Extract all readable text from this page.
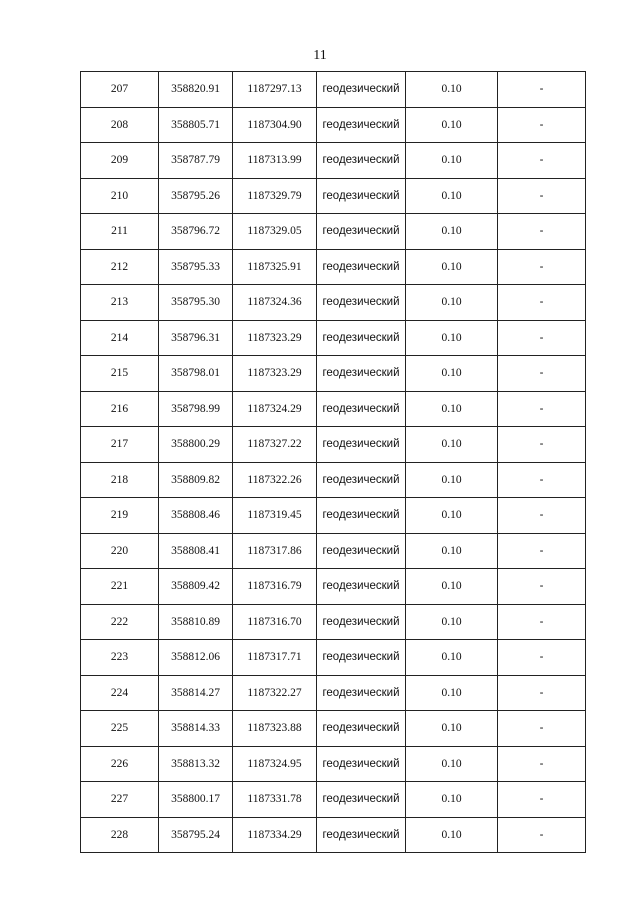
11
207	358820.91	1187297.13	геодезический	0.10	-
208	358805.71	1187304.90	геодезический	0.10	-
209	358787.79	1187313.99	геодезический	0.10	-
210	358795.26	1187329.79	геодезический	0.10	-
211	358796.72	1187329.05	геодезический	0.10	-
212	358795.33	1187325.91	геодезический	0.10	-
213	358795.30	1187324.36	геодезический	0.10	-
214	358796.31	1187323.29	геодезический	0.10	-
215	358798.01	1187323.29	геодезический	0.10	-
216	358798.99	1187324.29	геодезический	0.10	-
217	358800.29	1187327.22	геодезический	0.10	-
218	358809.82	1187322.26	геодезический	0.10	-
219	358808.46	1187319.45	геодезический	0.10	-
220	358808.41	1187317.86	геодезический	0.10	-
221	358809.42	1187316.79	геодезический	0.10	-
222	358810.89	1187316.70	геодезический	0.10	-
223	358812.06	1187317.71	геодезический	0.10	-
224	358814.27	1187322.27	геодезический	0.10	-
225	358814.33	1187323.88	геодезический	0.10	-
226	358813.32	1187324.95	геодезический	0.10	-
227	358800.17	1187331.78	геодезический	0.10	-
228	358795.24	1187334.29	геодезический	0.10	-
